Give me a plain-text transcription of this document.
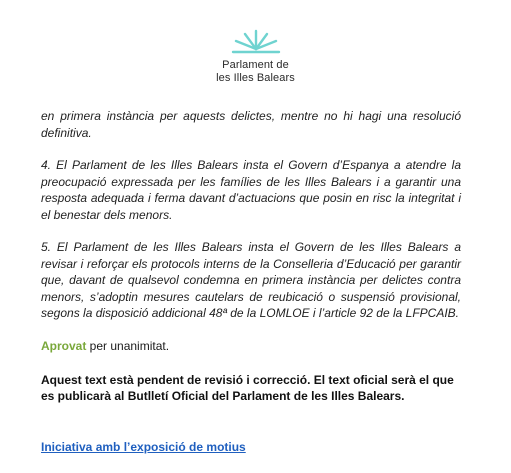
Parlament de
les Illes Balears

en primera instància per aquests delictes, mentre no hi hagi una resolució definitiva.

4. El Parlament de les Illes Balears insta el Govern d’Espanya a atendre la preocupació expressada per les famílies de les Illes Balears i a garantir una resposta adequada i ferma davant d’actuacions que posin en risc la integritat i el benestar dels menors.

5. El Parlament de les Illes Balears insta el Govern de les Illes Balears a revisar i reforçar els protocols interns de la Conselleria d’Educació per garantir que, davant de qualsevol condemna en primera instància per delictes contra menors, s’adoptin mesures cautelars de reubicació o suspensió provisional, segons la disposició addicional 48ª de la LOMLOE i l’article 92 de la LFPCAIB.

Aprovat per unanimitat.

Aquest text està pendent de revisió i correcció. El text oficial serà el que es publicarà al Butlletí Oficial del Parlament de les Illes Balears.

Iniciativa amb l’exposició de motius
